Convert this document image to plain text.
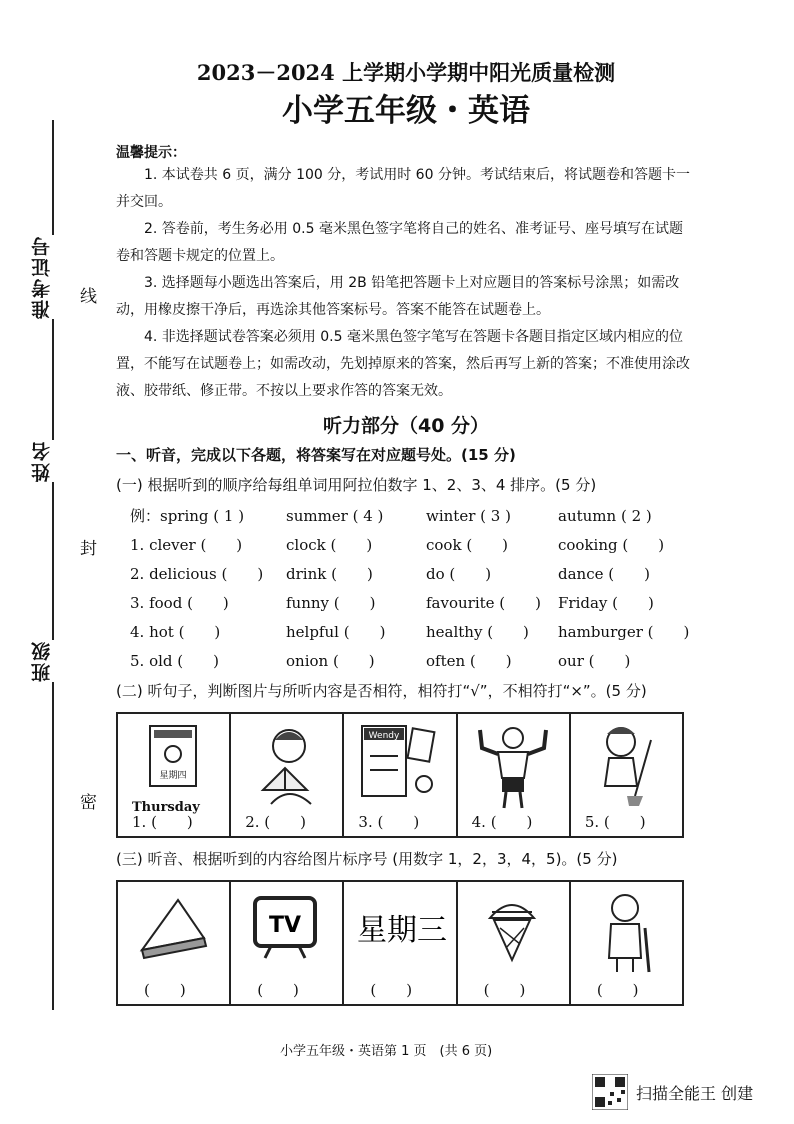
准考证号
姓名
班级
线
封
密
2023－2024 上学期小学期中阳光质量检测
小学五年级・英语
温馨提示：

1. 本试卷共 6 页，满分 100 分，考试用时 60 分钟。考试结束后，将试题卷和答题卡一并交回。

2. 答卷前，考生务必用 0.5 毫米黑色签字笔将自己的姓名、准考证号、座号填写在试题卷和答题卡规定的位置上。

3. 选择题每小题选出答案后，用 2B 铅笔把答题卡上对应题目的答案标号涂黑；如需改动，用橡皮擦干净后，再选涂其他答案标号。答案不能答在试题卷上。

4. 非选择题试卷答案必须用 0.5 毫米黑色签字笔写在答题卡各题目指定区域内相应的位置，不能写在试题卷上；如需改动，先划掉原来的答案，然后再写上新的答案；不准使用涂改液、胶带纸、修正带。不按以上要求作答的答案无效。

听力部分（40 分）

一、听音，完成以下各题，将答案写在对应题号处。(15 分)

(一) 根据听到的顺序给每组单词用阿拉伯数字 1、2、3、4 排序。(5 分)

例：spring ( 1 )	summer ( 4 )	winter ( 3 )	autumn ( 2 )
1. clever (　　)	clock (　　)	cook (　　)	cooking (　　)
2. delicious (　　)	drink (　　)	do (　　)	dance (　　)
3. food (　　)	funny (　　)	favourite (　　)	Friday (　　)
4. hot (　　)	helpful (　　)	healthy (　　)	hamburger (　　)
5. old (　　)	onion (　　)	often (　　)	our (　　)

(二) 听句子，判断图片与所听内容是否相符，相符打“√”，不相符打“×”。(5 分)

星期四
Thursday
1. (　　)	2. (　　)
Wendy
3. (　　)	4. (　　)	5. (　　)

(三) 听音、根据听到的内容给图片标序号 (用数字 1，2，3，4，5)。(5 分)

(　　)
TV
(　　)
星期三
(　　)	(　　)	(　　)
小学五年级・英语第 1 页　(共 6 页)
扫描全能王 创建
